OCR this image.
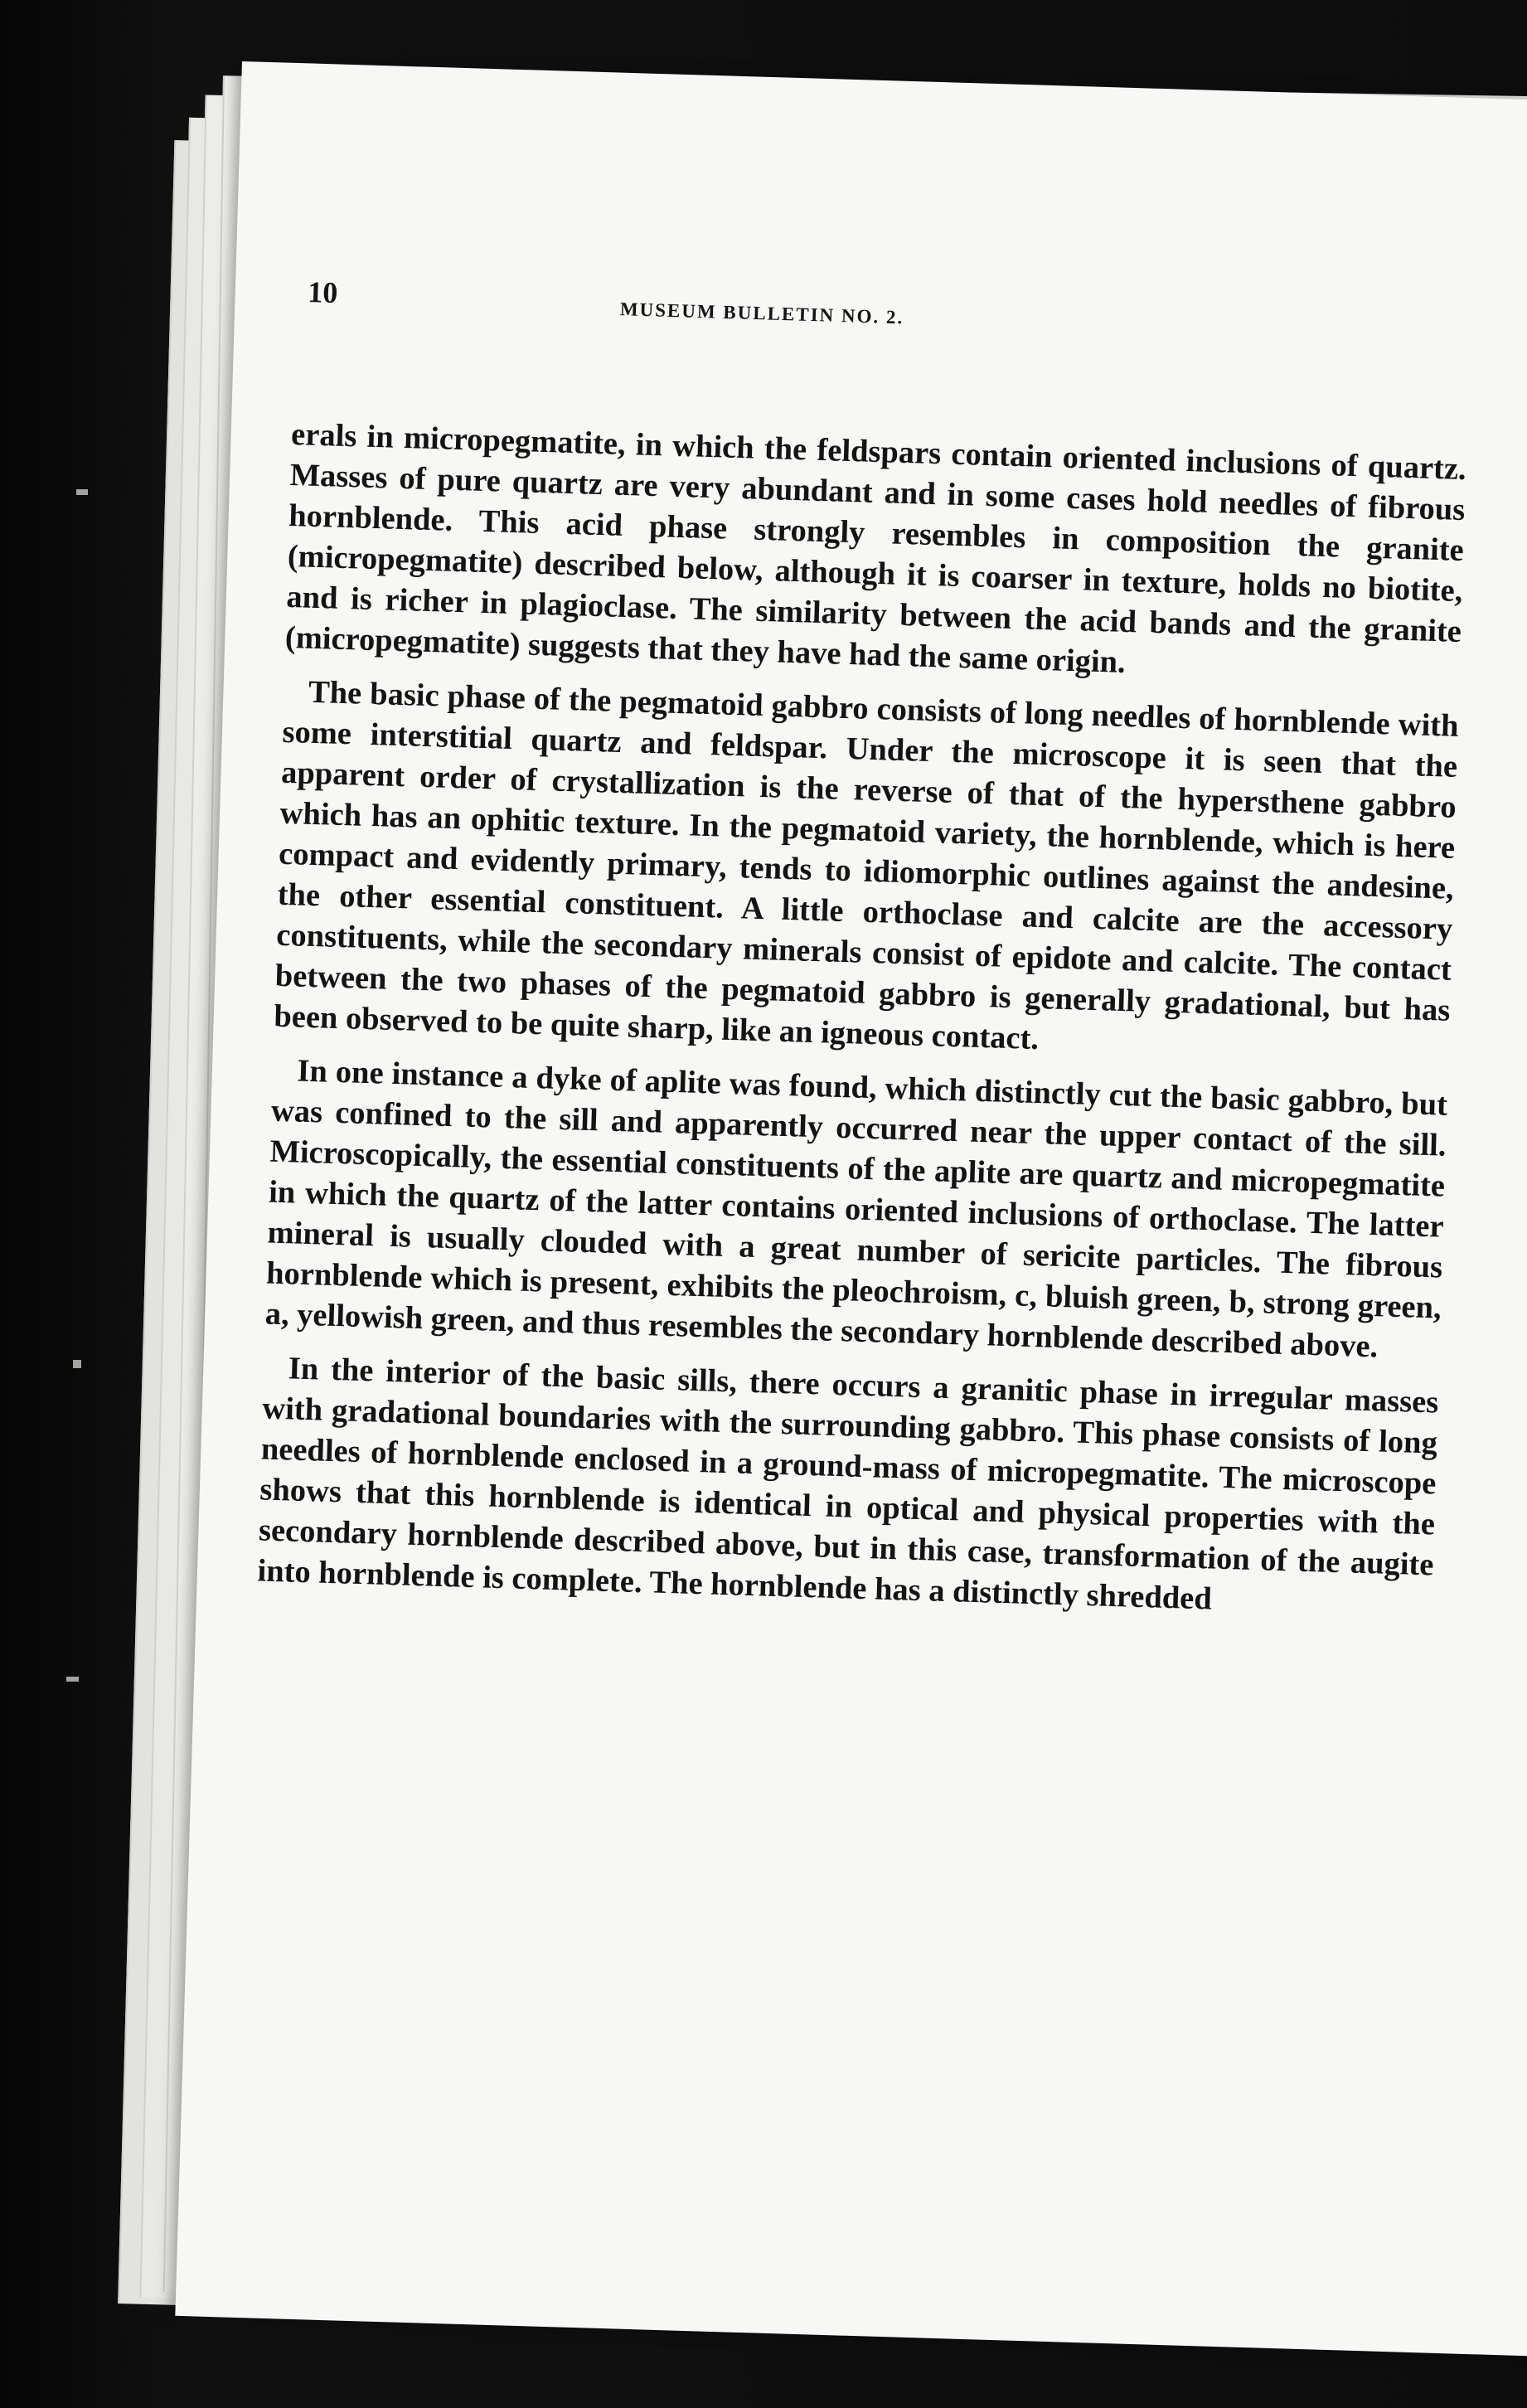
10
MUSEUM BULLETIN NO. 2.

erals in micropegmatite, in which the feldspars contain oriented inclusions of quartz. Masses of pure quartz are very abundant and in some cases hold needles of fibrous hornblende. This acid phase strongly resembles in composition the granite (micropegmatite) described below, although it is coarser in texture, holds no biotite, and is richer in plagioclase. The similarity between the acid bands and the granite (micropegmatite) suggests that they have had the same origin.

The basic phase of the pegmatoid gabbro consists of long needles of hornblende with some interstitial quartz and feldspar. Under the microscope it is seen that the apparent order of crystallization is the reverse of that of the hypersthene gabbro which has an ophitic texture. In the pegmatoid variety, the hornblende, which is here compact and evidently primary, tends to idiomorphic outlines against the andesine, the other essential constituent. A little orthoclase and calcite are the accessory constituents, while the secondary minerals consist of epidote and calcite. The contact between the two phases of the pegmatoid gabbro is generally gradational, but has been observed to be quite sharp, like an igneous contact.

In one instance a dyke of aplite was found, which distinctly cut the basic gabbro, but was confined to the sill and apparently occurred near the upper contact of the sill. Microscopically, the essential constituents of the aplite are quartz and micropegmatite in which the quartz of the latter contains oriented inclusions of orthoclase. The latter mineral is usually clouded with a great number of sericite particles. The fibrous hornblende which is present, exhibits the pleochroism, c, bluish green, b, strong green, a, yellowish green, and thus resembles the secondary hornblende described above.

In the interior of the basic sills, there occurs a granitic phase in irregular masses with gradational boundaries with the surrounding gabbro. This phase consists of long needles of hornblende enclosed in a ground-mass of micropegmatite. The microscope shows that this hornblende is identical in optical and physical properties with the secondary hornblende described above, but in this case, transformation of the augite into hornblende is complete. The hornblende has a distinctly shredded
